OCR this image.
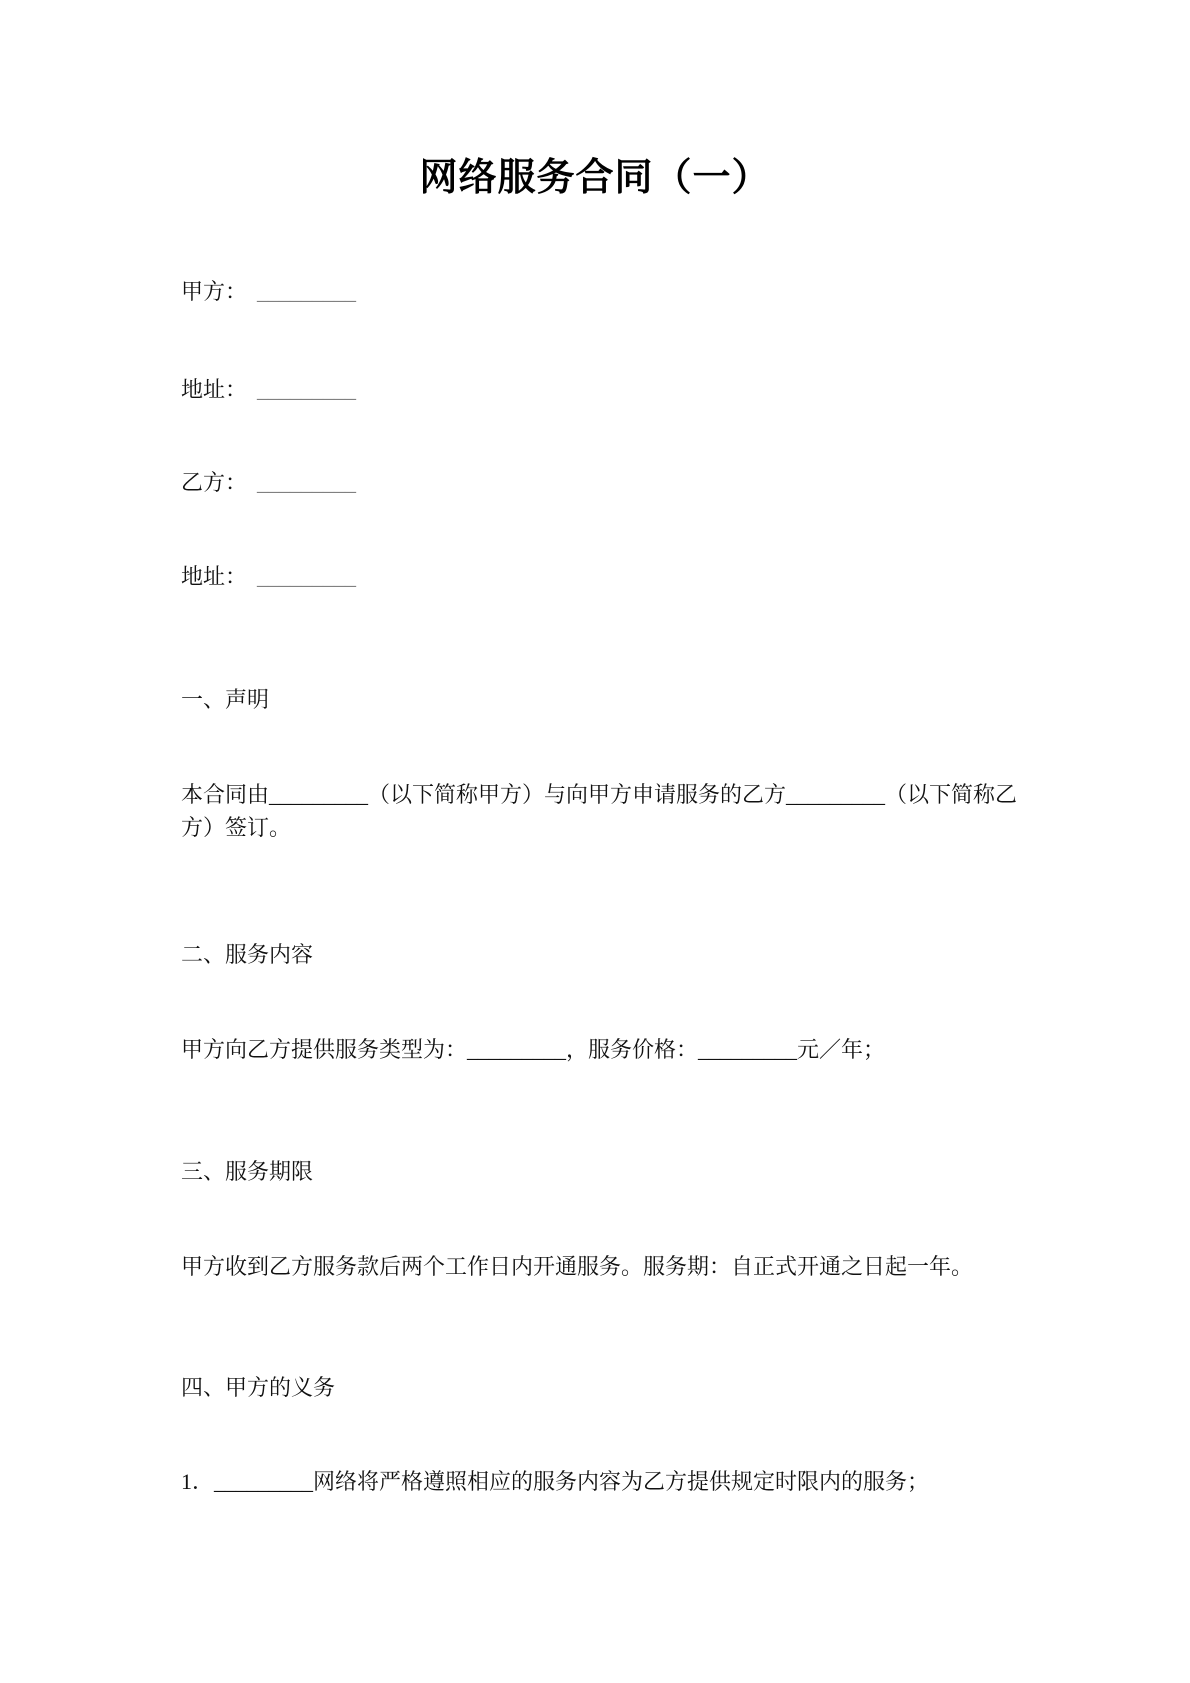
网络服务合同（一）
甲方： _________
地址： _________
乙方： _________
地址： _________
一、声明
本合同由_________（以下简称甲方）与向甲方申请服务的乙方_________（以下简称乙方）签订。
二、服务内容
甲方向乙方提供服务类型为：_________，服务价格：_________元／年；
三、服务期限
甲方收到乙方服务款后两个工作日内开通服务。服务期：自正式开通之日起一年。
四、甲方的义务
1．_________网络将严格遵照相应的服务内容为乙方提供规定时限内的服务；
